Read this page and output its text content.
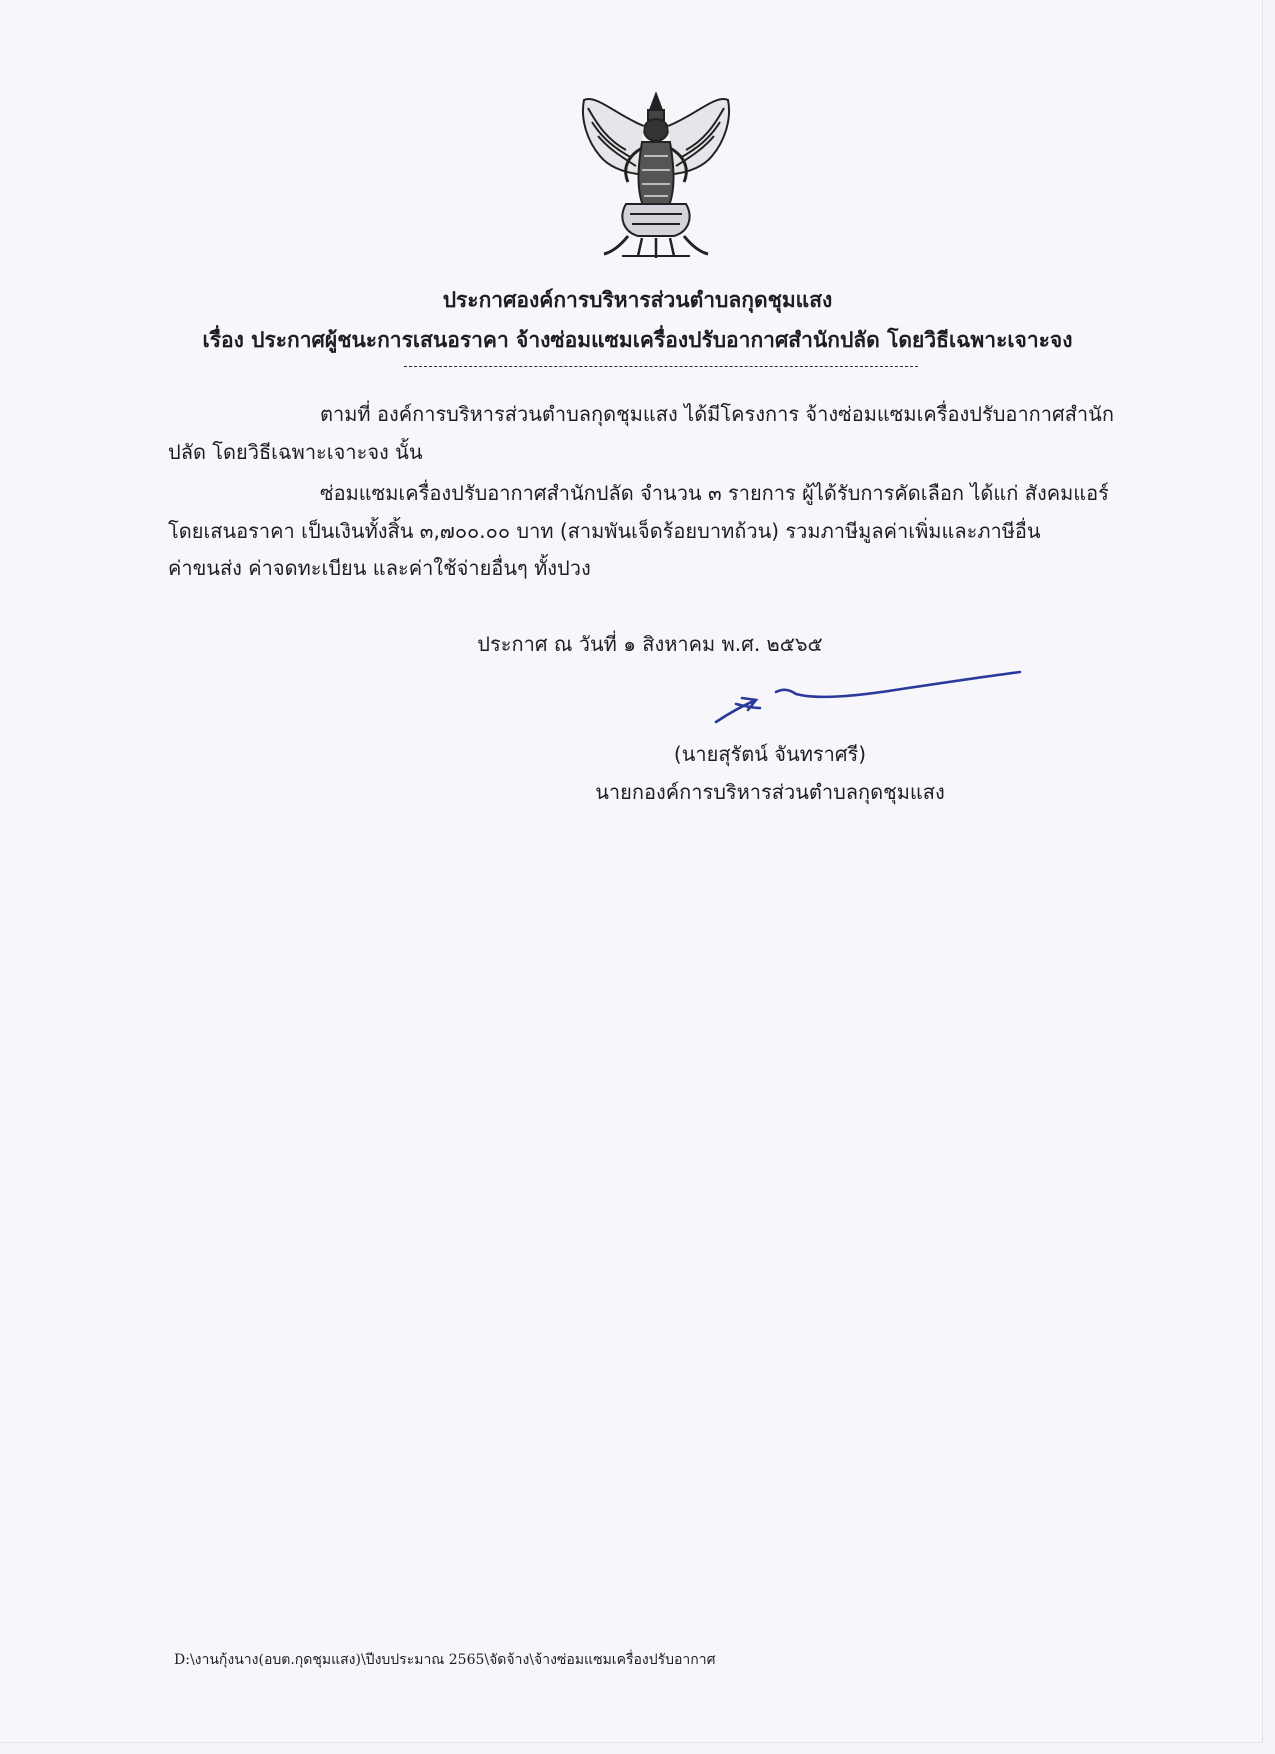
ประกาศองค์การบริหารส่วนตำบลกุดชุมแสง
เรื่อง ประกาศผู้ชนะการเสนอราคา จ้างซ่อมแซมเครื่องปรับอากาศสำนักปลัด โดยวิธีเฉพาะเจาะจง
ตามที่ องค์การบริหารส่วนตำบลกุดชุมแสง ได้มีโครงการ จ้างซ่อมแซมเครื่องปรับอากาศสำนัก
ปลัด โดยวิธีเฉพาะเจาะจง นั้น
ซ่อมแซมเครื่องปรับอากาศสำนักปลัด จำนวน ๓ รายการ ผู้ได้รับการคัดเลือก ได้แก่ สังคมแอร์
โดยเสนอราคา เป็นเงินทั้งสิ้น ๓,๗๐๐.๐๐ บาท (สามพันเจ็ดร้อยบาทถ้วน) รวมภาษีมูลค่าเพิ่มและภาษีอื่น
ค่าขนส่ง ค่าจดทะเบียน และค่าใช้จ่ายอื่นๆ ทั้งปวง
ประกาศ ณ วันที่ ๑ สิงหาคม พ.ศ. ๒๕๖๕
(นายสุรัตน์ จันทราศรี)
นายกองค์การบริหารส่วนตำบลกุดชุมแสง
D:\งานกุ้งนาง(อบต.กุดชุมแสง)\ปีงบประมาณ 2565\จัดจ้าง\จ้างซ่อมแซมเครื่องปรับอากาศ
